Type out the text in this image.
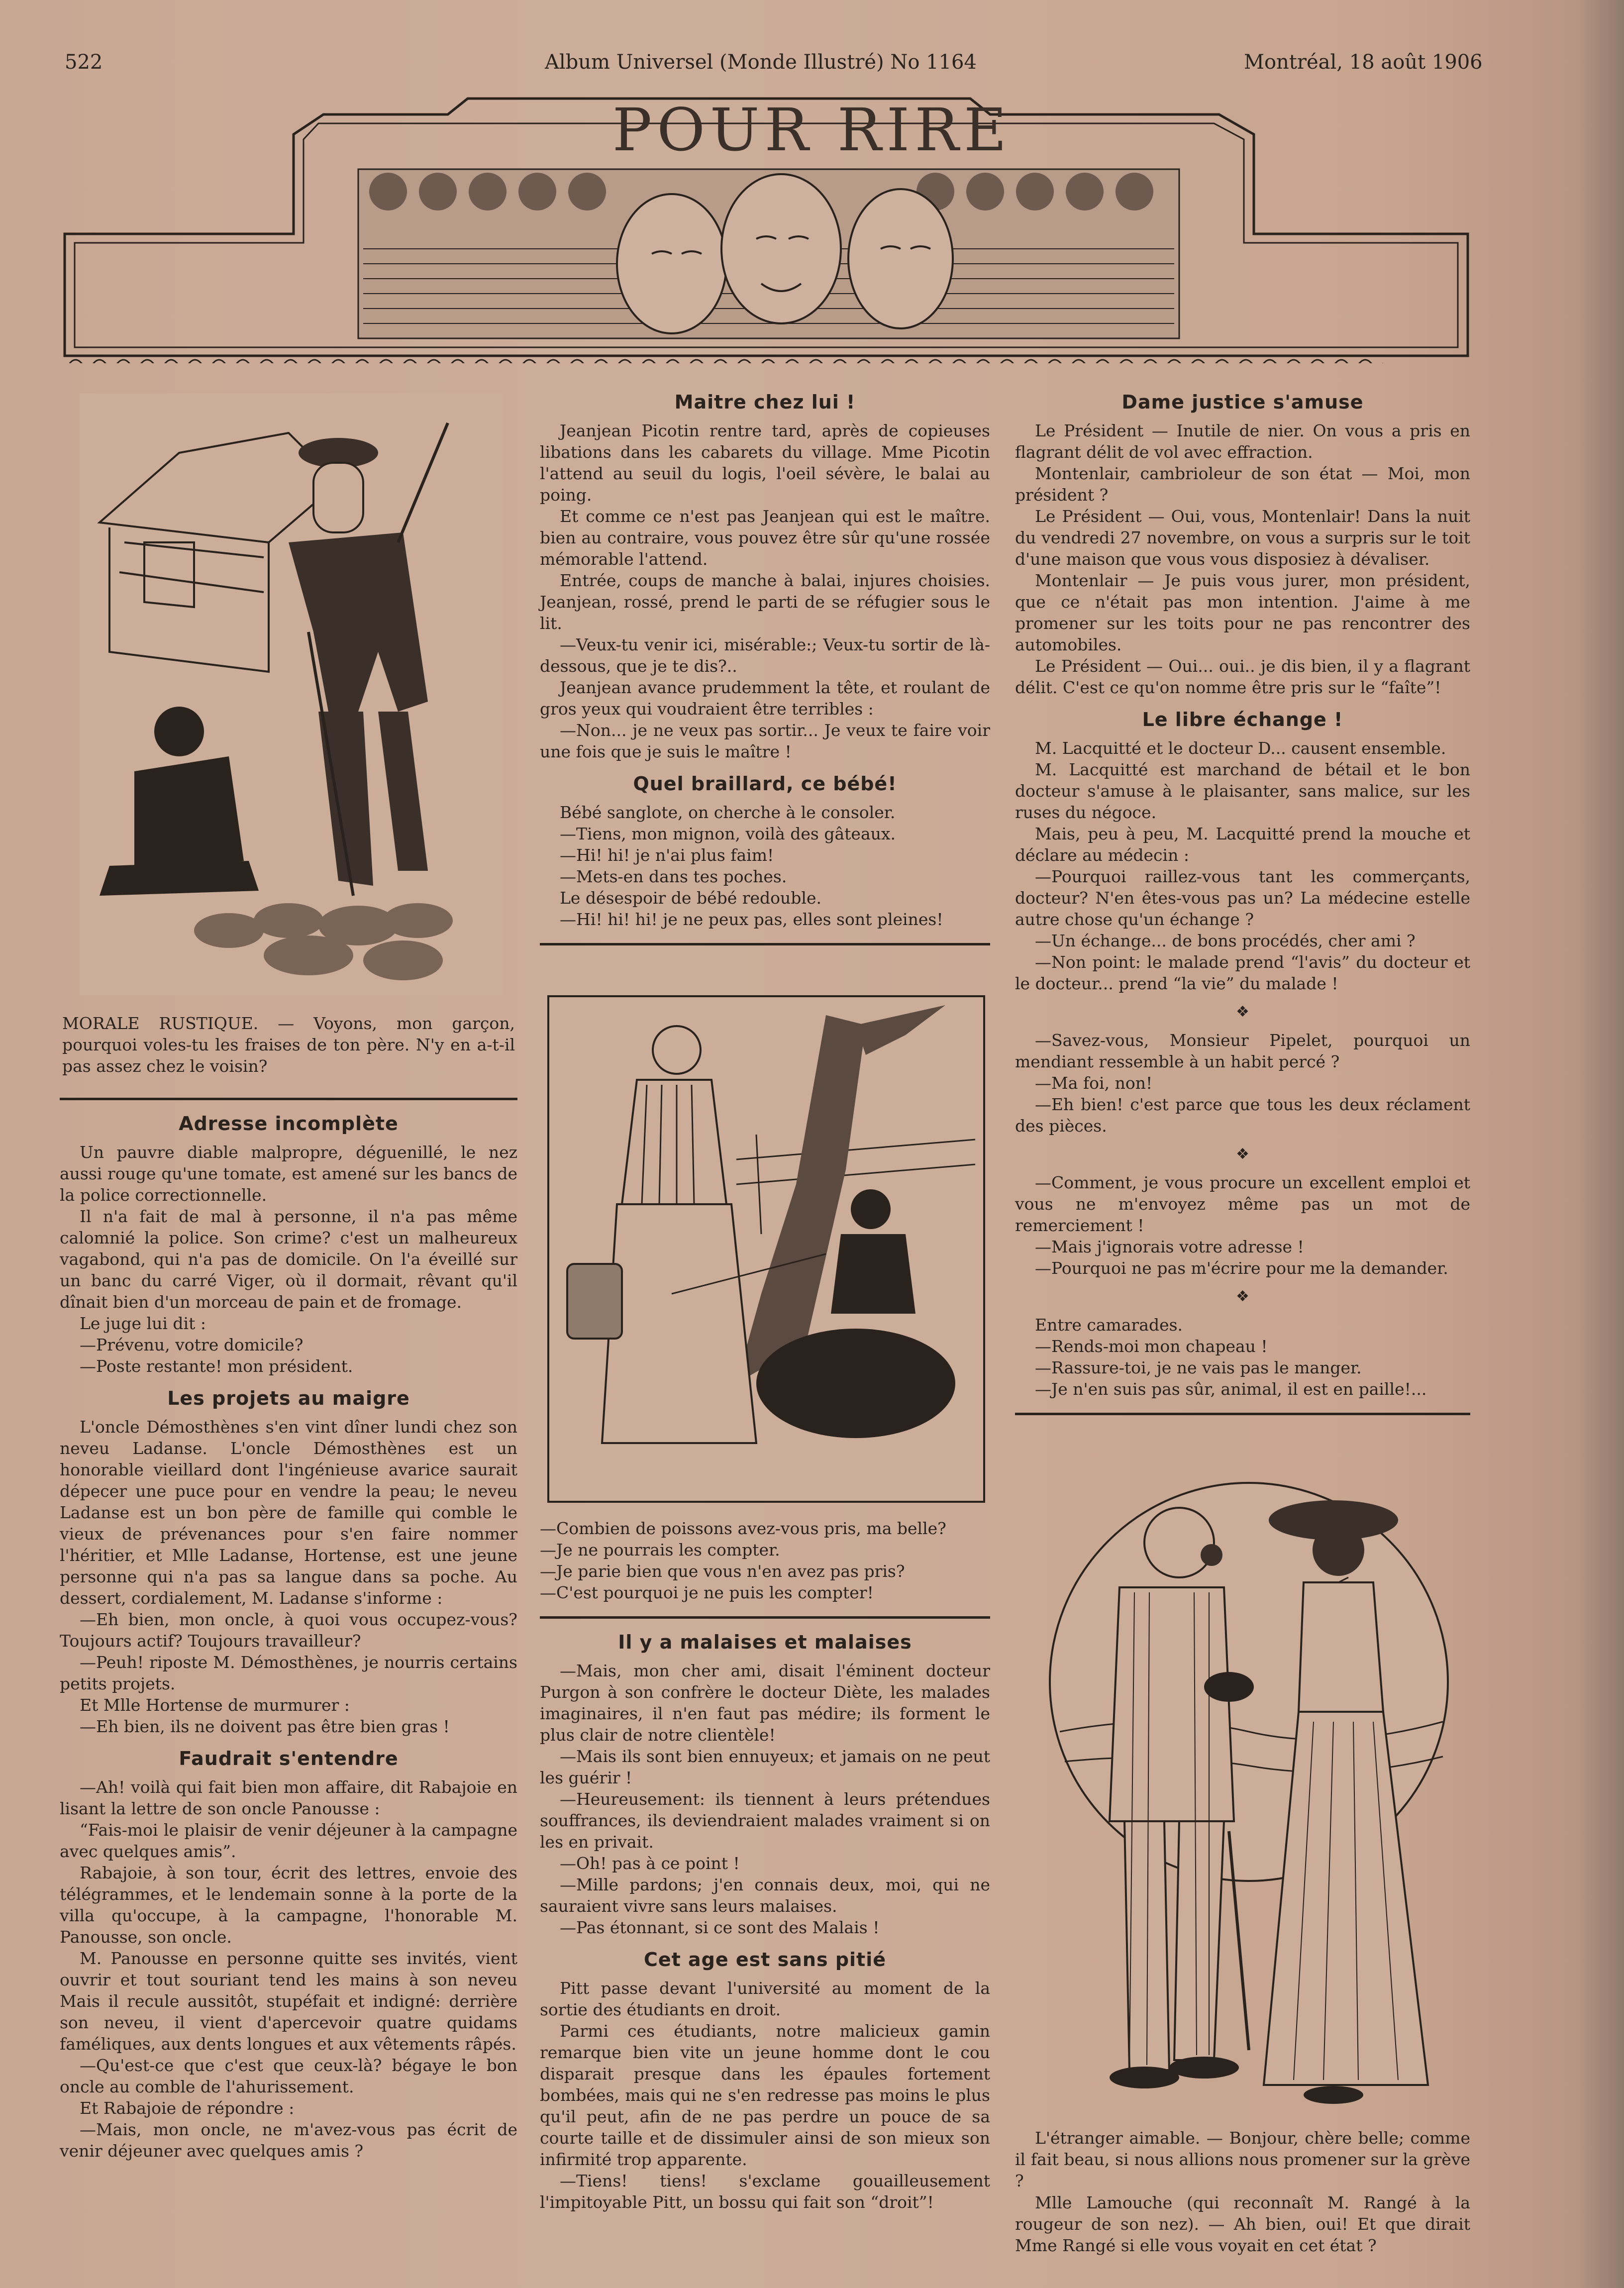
522	Album Universel (Monde Illustré) No 1164	Montréal, 18 août 1906
POUR RIRE
MORALE RUSTIQUE. — Voyons, mon garçon, pourquoi voles-tu les fraises de ton père. N'y en a-t-il pas assez chez le voisin?
Adresse incomplète

Un pauvre diable malpropre, déguenillé, le nez aussi rouge qu'une tomate, est amené sur les bancs de la police correctionnelle.

Il n'a fait de mal à personne, il n'a pas même calomnié la police. Son crime? c'est un malheureux vagabond, qui n'a pas de domicile. On l'a éveillé sur un banc du carré Viger, où il dormait, rêvant qu'il dînait bien d'un morceau de pain et de fromage.

Le juge lui dit :

—Prévenu, votre domicile?

—Poste restante! mon président.

Les projets au maigre

L'oncle Démosthènes s'en vint dîner lundi chez son neveu Ladanse. L'oncle Démosthènes est un honorable vieillard dont l'ingénieuse avarice saurait dépecer une puce pour en vendre la peau; le neveu Ladanse est un bon père de famille qui comble le vieux de prévenances pour s'en faire nommer l'héritier, et Mlle Ladanse, Hortense, est une jeune personne qui n'a pas sa langue dans sa poche. Au dessert, cordialement, M. Ladanse s'informe :

—Eh bien, mon oncle, à quoi vous occupez-vous? Toujours actif? Toujours travailleur?

—Peuh! riposte M. Démosthènes, je nourris certains petits projets.

Et Mlle Hortense de murmurer :

—Eh bien, ils ne doivent pas être bien gras !

Faudrait s'entendre

—Ah! voilà qui fait bien mon affaire, dit Rabajoie en lisant la lettre de son oncle Panousse :

“Fais-moi le plaisir de venir déjeuner à la campagne avec quelques amis”.

Rabajoie, à son tour, écrit des lettres, envoie des télégrammes, et le lendemain sonne à la porte de la villa qu'occupe, à la campagne, l'honorable M. Panousse, son oncle.

M. Panousse en personne quitte ses invités, vient ouvrir et tout souriant tend les mains à son neveu Mais il recule aussitôt, stupéfait et indigné: derrière son neveu, il vient d'apercevoir quatre quidams faméliques, aux dents longues et aux vêtements râpés.

—Qu'est-ce que c'est que ceux-là? bégaye le bon oncle au comble de l'ahurissement.

Et Rabajoie de répondre :

—Mais, mon oncle, ne m'avez-vous pas écrit de venir déjeuner avec quelques amis ?

Maitre chez lui !

Jeanjean Picotin rentre tard, après de copieuses libations dans les cabarets du village. Mme Picotin l'attend au seuil du logis, l'oeil sévère, le balai au poing.

Et comme ce n'est pas Jeanjean qui est le maître. bien au contraire, vous pouvez être sûr qu'une rossée mémorable l'attend.

Entrée, coups de manche à balai, injures choisies. Jeanjean, rossé, prend le parti de se réfugier sous le lit.

—Veux-tu venir ici, misérable:; Veux-tu sortir de là-dessous, que je te dis?..

Jeanjean avance prudemment la tête, et roulant de gros yeux qui voudraient être terribles :

—Non... je ne veux pas sortir... Je veux te faire voir une fois que je suis le maître !

Quel braillard, ce bébé!

Bébé sanglote, on cherche à le consoler.

—Tiens, mon mignon, voilà des gâteaux.

—Hi! hi! je n'ai plus faim!

—Mets-en dans tes poches.

Le désespoir de bébé redouble.

—Hi! hi! hi! je ne peux pas, elles sont pleines!

—Combien de poissons avez-vous pris, ma belle?

—Je ne pourrais les compter.

—Je parie bien que vous n'en avez pas pris?

—C'est pourquoi je ne puis les compter!

Il y a malaises et malaises

—Mais, mon cher ami, disait l'éminent docteur Purgon à son confrère le docteur Diète, les malades imaginaires, il n'en faut pas médire; ils forment le plus clair de notre clientèle!

—Mais ils sont bien ennuyeux; et jamais on ne peut les guérir !

—Heureusement: ils tiennent à leurs prétendues souffrances, ils deviendraient malades vraiment si on les en privait.

—Oh! pas à ce point !

—Mille pardons; j'en connais deux, moi, qui ne sauraient vivre sans leurs malaises.

—Pas étonnant, si ce sont des Malais !

Cet age est sans pitié

Pitt passe devant l'université au moment de la sortie des étudiants en droit.

Parmi ces étudiants, notre malicieux gamin remarque bien vite un jeune homme dont le cou disparait presque dans les épaules fortement bombées, mais qui ne s'en redresse pas moins le plus qu'il peut, afin de ne pas perdre un pouce de sa courte taille et de dissimuler ainsi de son mieux son infirmité trop apparente.

—Tiens! tiens! s'exclame gouailleusement l'impitoyable Pitt, un bossu qui fait son “droit”!

Dame justice s'amuse

Le Président — Inutile de nier. On vous a pris en flagrant délit de vol avec effraction.

Montenlair, cambrioleur de son état — Moi, mon président ?

Le Président — Oui, vous, Montenlair! Dans la nuit du vendredi 27 novembre, on vous a surpris sur le toit d'une maison que vous vous disposiez à dévaliser.

Montenlair — Je puis vous jurer, mon président, que ce n'était pas mon intention. J'aime à me promener sur les toits pour ne pas rencontrer des automobiles.

Le Président — Oui... oui.. je dis bien, il y a flagrant délit. C'est ce qu'on nomme être pris sur le “faîte”!

Le libre échange !

M. Lacquitté et le docteur D... causent ensemble.

M. Lacquitté est marchand de bétail et le bon docteur s'amuse à le plaisanter, sans malice, sur les ruses du négoce.

Mais, peu à peu, M. Lacquitté prend la mouche et déclare au médecin :

—Pourquoi raillez-vous tant les commerçants, docteur? N'en êtes-vous pas un? La médecine estelle autre chose qu'un échange ?

—Un échange... de bons procédés, cher ami ?

—Non point: le malade prend “l'avis” du docteur et le docteur... prend “la vie” du malade !

❖

—Savez-vous, Monsieur Pipelet, pourquoi un mendiant ressemble à un habit percé ?

—Ma foi, non!

—Eh bien! c'est parce que tous les deux réclament des pièces.

❖

—Comment, je vous procure un excellent emploi et vous ne m'envoyez même pas un mot de remerciement !

—Mais j'ignorais votre adresse !

—Pourquoi ne pas m'écrire pour me la demander.

❖

Entre camarades.

—Rends-moi mon chapeau !

—Rassure-toi, je ne vais pas le manger.

—Je n'en suis pas sûr, animal, il est en paille!...

L'étranger aimable. — Bonjour, chère belle; comme il fait beau, si nous allions nous promener sur la grève ?
Mlle Lamouche (qui reconnaît M. Rangé à la rougeur de son nez). — Ah bien, oui! Et que dirait Mme Rangé si elle vous voyait en cet état ?
